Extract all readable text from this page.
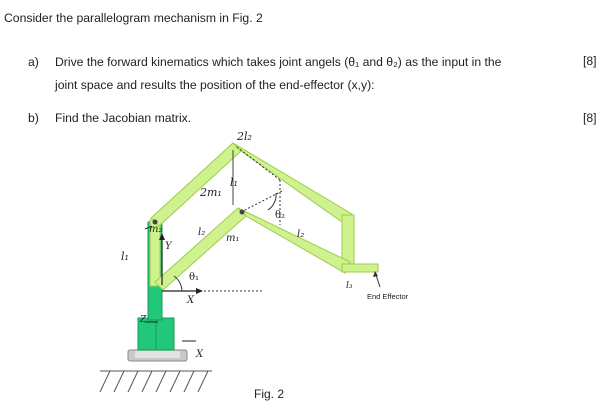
Consider the parallelogram mechanism in Fig. 2
a) Drive the forward kinematics which takes joint angels (θ₁ and θ₂) as the input in the
joint space and results the position of the end-effector (x,y):
[8]
b) Find the Jacobian matrix.	[8]
2l₂
2m₁
l₁
θ₂
m₂	l₂
m₁	l₂
Y
l₁
θ₁
X
l₃
End Effector
Z
X
Fig. 2
